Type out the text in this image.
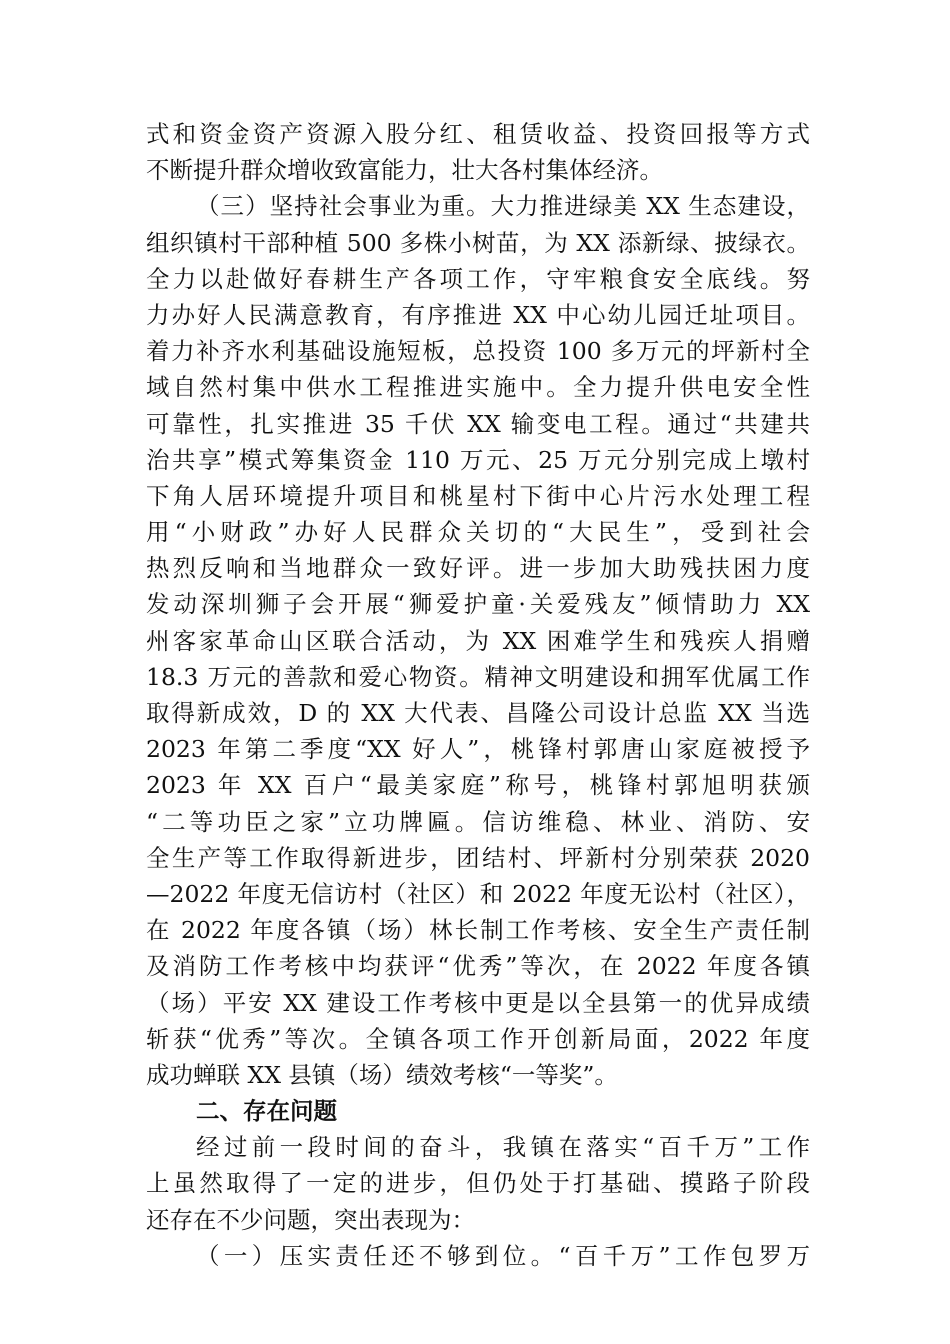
式和资金资产资源入股分红、租赁收益、投资回报等方式
不断提升群众增收致富能力，壮大各村集体经济。
（三）坚持社会事业为重。大力推进绿美 XX 生态建设，
组织镇村干部种植 500 多株小树苗，为 XX 添新绿、披绿衣。
全力以赴做好春耕生产各项工作，守牢粮食安全底线。努
力办好人民满意教育，有序推进 XX 中心幼儿园迁址项目。
着力补齐水利基础设施短板，总投资 100 多万元的坪新村全
域自然村集中供水工程推进实施中。全力提升供电安全性
可靠性，扎实推进 35 千伏 XX 输变电工程。通过“共建共
治共享”模式筹集资金 110 万元、25 万元分别完成上墩村
下角人居环境提升项目和桃星村下街中心片污水处理工程
用“小财政”办好人民群众关切的“大民生”，受到社会
热烈反响和当地群众一致好评。进一步加大助残扶困力度
发动深圳狮子会开展“狮爱护童·关爱残友”倾情助力 XX
州客家革命山区联合活动，为 XX 困难学生和残疾人捐赠
18.3 万元的善款和爱心物资。精神文明建设和拥军优属工作
取得新成效，D 的 XX 大代表、昌隆公司设计总监 XX 当选
2023 年第二季度“XX 好人”，桃锋村郭唐山家庭被授予
2023 年 XX 百户“最美家庭”称号，桃锋村郭旭明获颁
“二等功臣之家”立功牌匾。信访维稳、林业、消防、安
全生产等工作取得新进步，团结村、坪新村分别荣获 2020
—2022 年度无信访村（社区）和 2022 年度无讼村（社区），
在 2022 年度各镇（场）林长制工作考核、安全生产责任制
及消防工作考核中均获评“优秀”等次，在 2022 年度各镇
（场）平安 XX 建设工作考核中更是以全县第一的优异成绩
斩获“优秀”等次。全镇各项工作开创新局面，2022 年度
成功蝉联 XX 县镇（场）绩效考核“一等奖”。
二、存在问题
经过前一段时间的奋斗，我镇在落实“百千万”工作
上虽然取得了一定的进步，但仍处于打基础、摸路子阶段
还存在不少问题，突出表现为：
（一）压实责任还不够到位。“百千万”工作包罗万
